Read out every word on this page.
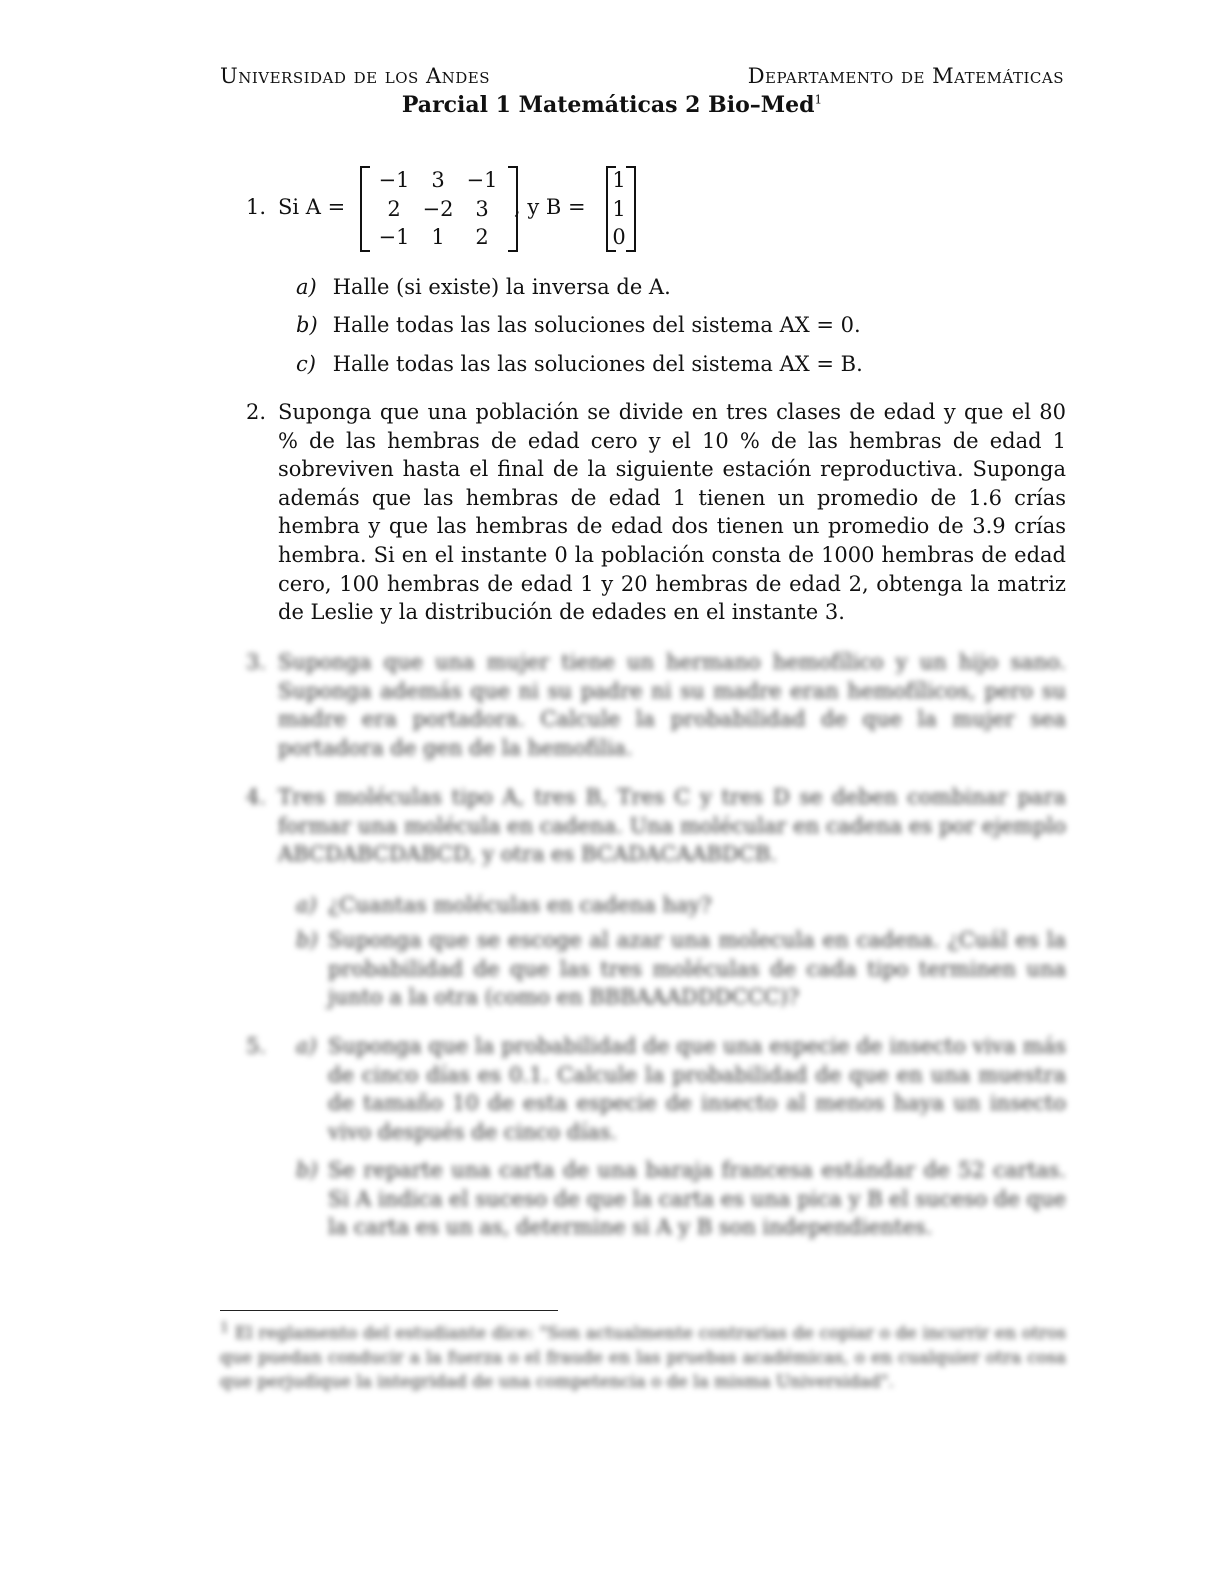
Universidad de los Andes	Departamento de Matemáticas
Parcial 1 Matemáticas 2 Bio–Med$^1$
1. Si A =
−1	3	−1
2	−2	3
−1	1	2
, y B =
1
1
0
a) Halle (si existe) la inversa de A.
b) Halle todas las las soluciones del sistema AX = 0.
c) Halle todas las las soluciones del sistema AX = B.
2. Suponga que una población se divide en tres clases de edad y que el 80 % de las hembras de edad cero y el 10 % de las hembras de edad 1 sobreviven hasta el final de la siguiente estación reproductiva. Suponga además que las hembras de edad 1 tienen un promedio de 1.6 crías hembra y que las hembras de edad dos tienen un promedio de 3.9 crías hembra. Si en el instante 0 la población consta de 1000 hembras de edad cero, 100 hembras de edad 1 y 20 hembras de edad 2, obtenga la matriz de Leslie y la distribución de edades en el instante 3.
3. Suponga que una mujer tiene un hermano hemofílico y un hijo sano. Suponga además que ni su padre ni su madre eran hemofílicos, pero su madre era portadora. Calcule la probabilidad de que la mujer sea portadora de gen de la hemofilia.
4. Tres moléculas tipo A, tres B, Tres C y tres D se deben combinar para formar una molécula en cadena. Una molécular en cadena es por ejemplo ABCDABCDABCD, y otra es BCADACAABDCB.
a) ¿Cuantas moléculas en cadena hay?
b) Suponga que se escoge al azar una molecula en cadena. ¿Cuál es la probabilidad de que las tres moléculas de cada tipo terminen una junto a la otra (como en BBBAAADDDCCC)?
5. a) Suponga que la probabilidad de que una especie de insecto viva más de cinco días es 0.1. Calcule la probabilidad de que en una muestra de tamaño 10 de esta especie de insecto al menos haya un insecto vivo después de cinco días.
b) Se reparte una carta de una baraja francesa estándar de 52 cartas. Si A indica el suceso de que la carta es una pica y B el suceso de que la carta es un as, determine si A y B son independientes.
$^1$ El reglamento del estudiante dice: "Son actualmente contrarias de copiar o de incurrir en otros que puedan conducir a la fuerza o el fraude en las pruebas académicas, o en cualquier otra cosa que perjudique la integridad de una competencia o de la misma Universidad".
